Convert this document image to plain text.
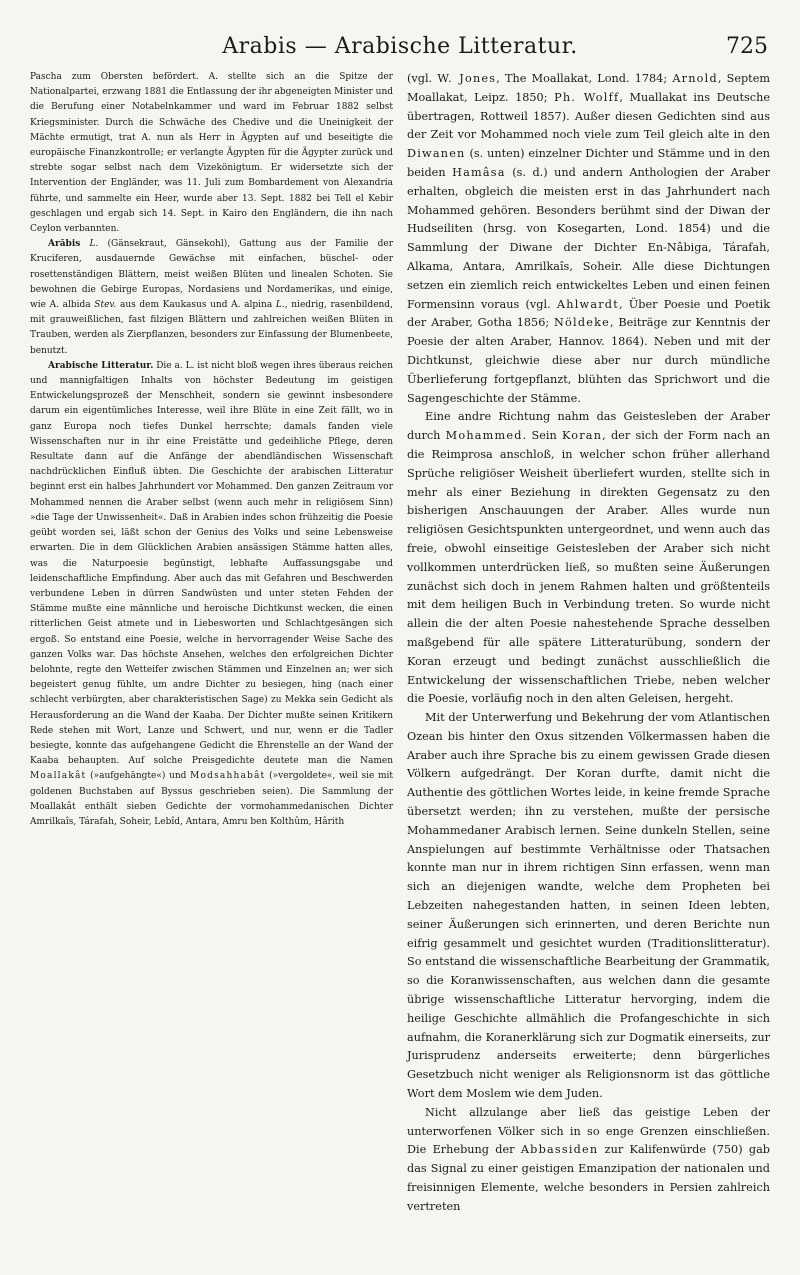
Arabis — Arabische Litteratur.	725

Pascha zum Obersten befördert. A. stellte sich an die Spitze der Nationalpartei, erzwang 1881 die Entlassung der ihr abgeneigten Minister und die Berufung einer Notabelnkammer und ward im Februar 1882 selbst Kriegsminister. Durch die Schwäche des Chedive und die Uneinigkeit der Mächte ermutigt, trat A. nun als Herr in Ägypten auf und beseitigte die europäische Finanzkontrolle; er verlangte Ägypten für die Ägypter zurück und strebte sogar selbst nach dem Vizekönigtum. Er widersetzte sich der Intervention der Engländer, was 11. Juli zum Bombardement von Alexandria führte, und sammelte ein Heer, wurde aber 13. Sept. 1882 bei Tell el Kebir geschlagen und ergab sich 14. Sept. in Kairo den Engländern, die ihn nach Ceylon verbannten.

Arăbis L. (Gänsekraut, Gänsekohl), Gattung aus der Familie der Kruciferen, ausdauernde Gewächse mit einfachen, büschel- oder rosettenständigen Blättern, meist weißen Blüten und linealen Schoten. Sie bewohnen die Gebirge Europas, Nordasiens und Nordamerikas, und einige, wie A. albida Stev. aus dem Kaukasus und A. alpina L., niedrig, rasenbildend, mit grauweißlichen, fast filzigen Blättern und zahlreichen weißen Blüten in Trauben, werden als Zierpflanzen, besonders zur Einfassung der Blumenbeete, benutzt.

Arabische Litteratur. Die a. L. ist nicht bloß wegen ihres überaus reichen und mannigfaltigen Inhalts von höchster Bedeutung im geistigen Entwickelungsprozeß der Menschheit, sondern sie gewinnt insbesondere darum ein eigentümliches Interesse, weil ihre Blüte in eine Zeit fällt, wo in ganz Europa noch tiefes Dunkel herrschte; damals fanden viele Wissenschaften nur in ihr eine Freistätte und gedeihliche Pflege, deren Resultate dann auf die Anfänge der abendländischen Wissenschaft nachdrücklichen Einfluß übten. Die Geschichte der arabischen Litteratur beginnt erst ein halbes Jahrhundert vor Mohammed. Den ganzen Zeitraum vor Mohammed nennen die Araber selbst (wenn auch mehr in religiösem Sinn) »die Tage der Unwissenheit«. Daß in Arabien indes schon frühzeitig die Poesie geübt worden sei, läßt schon der Genius des Volks und seine Lebensweise erwarten. Die in dem Glücklichen Arabien ansässigen Stämme hatten alles, was die Naturpoesie begünstigt, lebhafte Auffassungsgabe und leidenschaftliche Empfindung. Aber auch das mit Gefahren und Beschwerden verbundene Leben in dürren Sandwüsten und unter steten Fehden der Stämme mußte eine männliche und heroische Dichtkunst wecken, die einen ritterlichen Geist atmete und in Liebesworten und Schlachtgesängen sich ergoß. So entstand eine Poesie, welche in hervorragender Weise Sache des ganzen Volks war. Das höchste Ansehen, welches den erfolgreichen Dichter belohnte, regte den Wetteifer zwischen Stämmen und Einzelnen an; wer sich begeistert genug fühlte, um andre Dichter zu besiegen, hing (nach einer schlecht verbürgten, aber charakteristischen Sage) zu Mekka sein Gedicht als Herausforderung an die Wand der Kaaba. Der Dichter mußte seinen Kritikern Rede stehen mit Wort, Lanze und Schwert, und nur, wenn er die Tadler besiegte, konnte das aufgehangene Gedicht die Ehrenstelle an der Wand der Kaaba behaupten. Auf solche Preisgedichte deutete man die Namen Moallakât (»aufgehängte«) und Modsahhabât (»vergoldete«, weil sie mit goldenen Buchstaben auf Byssus geschrieben seien). Die Sammlung der Moallakât enthält sieben Gedichte der vormohammedanischen Dichter Amrilkaîs, Tárafah, Soheir, Lebîd, Antara, Amru ben Kolthûm, Hârith

(vgl. W. Jones, The Moallakat, Lond. 1784; Arnold, Septem Moallakat, Leipz. 1850; Ph. Wolff, Muallakat ins Deutsche übertragen, Rottweil 1857). Außer diesen Gedichten sind aus der Zeit vor Mohammed noch viele zum Teil gleich alte in den Diwanen (s. unten) einzelner Dichter und Stämme und in den beiden Hamâsa (s. d.) und andern Anthologien der Araber erhalten, obgleich die meisten erst in das Jahrhundert nach Mohammed gehören. Besonders berühmt sind der Diwan der Hudseiliten (hrsg. von Kosegarten, Lond. 1854) und die Sammlung der Diwane der Dichter En-Nâbiga, Tárafah, Alkama, Antara, Amrilkaîs, Soheir. Alle diese Dichtungen setzen ein ziemlich reich entwickeltes Leben und einen feinen Formensinn voraus (vgl. Ahlwardt, Über Poesie und Poetik der Araber, Gotha 1856; Nöldeke, Beiträge zur Kenntnis der Poesie der alten Araber, Hannov. 1864). Neben und mit der Dichtkunst, gleichwie diese aber nur durch mündliche Überlieferung fortgepflanzt, blühten das Sprichwort und die Sagengeschichte der Stämme.

Eine andre Richtung nahm das Geistesleben der Araber durch Mohammed. Sein Koran, der sich der Form nach an die Reimprosa anschloß, in welcher schon früher allerhand Sprüche religiöser Weisheit überliefert wurden, stellte sich in mehr als einer Beziehung in direkten Gegensatz zu den bisherigen Anschauungen der Araber. Alles wurde nun religiösen Gesichtspunkten untergeordnet, und wenn auch das freie, obwohl einseitige Geistesleben der Araber sich nicht vollkommen unterdrücken ließ, so mußten seine Äußerungen zunächst sich doch in jenem Rahmen halten und größtenteils mit dem heiligen Buch in Verbindung treten. So wurde nicht allein die der alten Poesie nahestehende Sprache desselben maßgebend für alle spätere Litteraturübung, sondern der Koran erzeugt und bedingt zunächst ausschließlich die Entwickelung der wissenschaftlichen Triebe, neben welcher die Poesie, vorläufig noch in den alten Geleisen, hergeht.

Mit der Unterwerfung und Bekehrung der vom Atlantischen Ozean bis hinter den Oxus sitzenden Völkermassen haben die Araber auch ihre Sprache bis zu einem gewissen Grade diesen Völkern aufgedrängt. Der Koran durfte, damit nicht die Authentie des göttlichen Wortes leide, in keine fremde Sprache übersetzt werden; ihn zu verstehen, mußte der persische Mohammedaner Arabisch lernen. Seine dunkeln Stellen, seine Anspielungen auf bestimmte Verhältnisse oder Thatsachen konnte man nur in ihrem richtigen Sinn erfassen, wenn man sich an diejenigen wandte, welche dem Propheten bei Lebzeiten nahegestanden hatten, in seinen Ideen lebten, seiner Äußerungen sich erinnerten, und deren Berichte nun eifrig gesammelt und gesichtet wurden (Traditionslitteratur). So entstand die wissenschaftliche Bearbeitung der Grammatik, so die Koranwissenschaften, aus welchen dann die gesamte übrige wissenschaftliche Litteratur hervorging, indem die heilige Geschichte allmählich die Profangeschichte in sich aufnahm, die Koranerklärung sich zur Dogmatik einerseits, zur Jurisprudenz anderseits erweiterte; denn bürgerliches Gesetzbuch nicht weniger als Religionsnorm ist das göttliche Wort dem Moslem wie dem Juden.

Nicht allzulange aber ließ das geistige Leben der unterworfenen Völker sich in so enge Grenzen einschließen. Die Erhebung der Abbassiden zur Kalifenwürde (750) gab das Signal zu einer geistigen Emanzipation der nationalen und freisinnigen Elemente, welche besonders in Persien zahlreich vertreten
